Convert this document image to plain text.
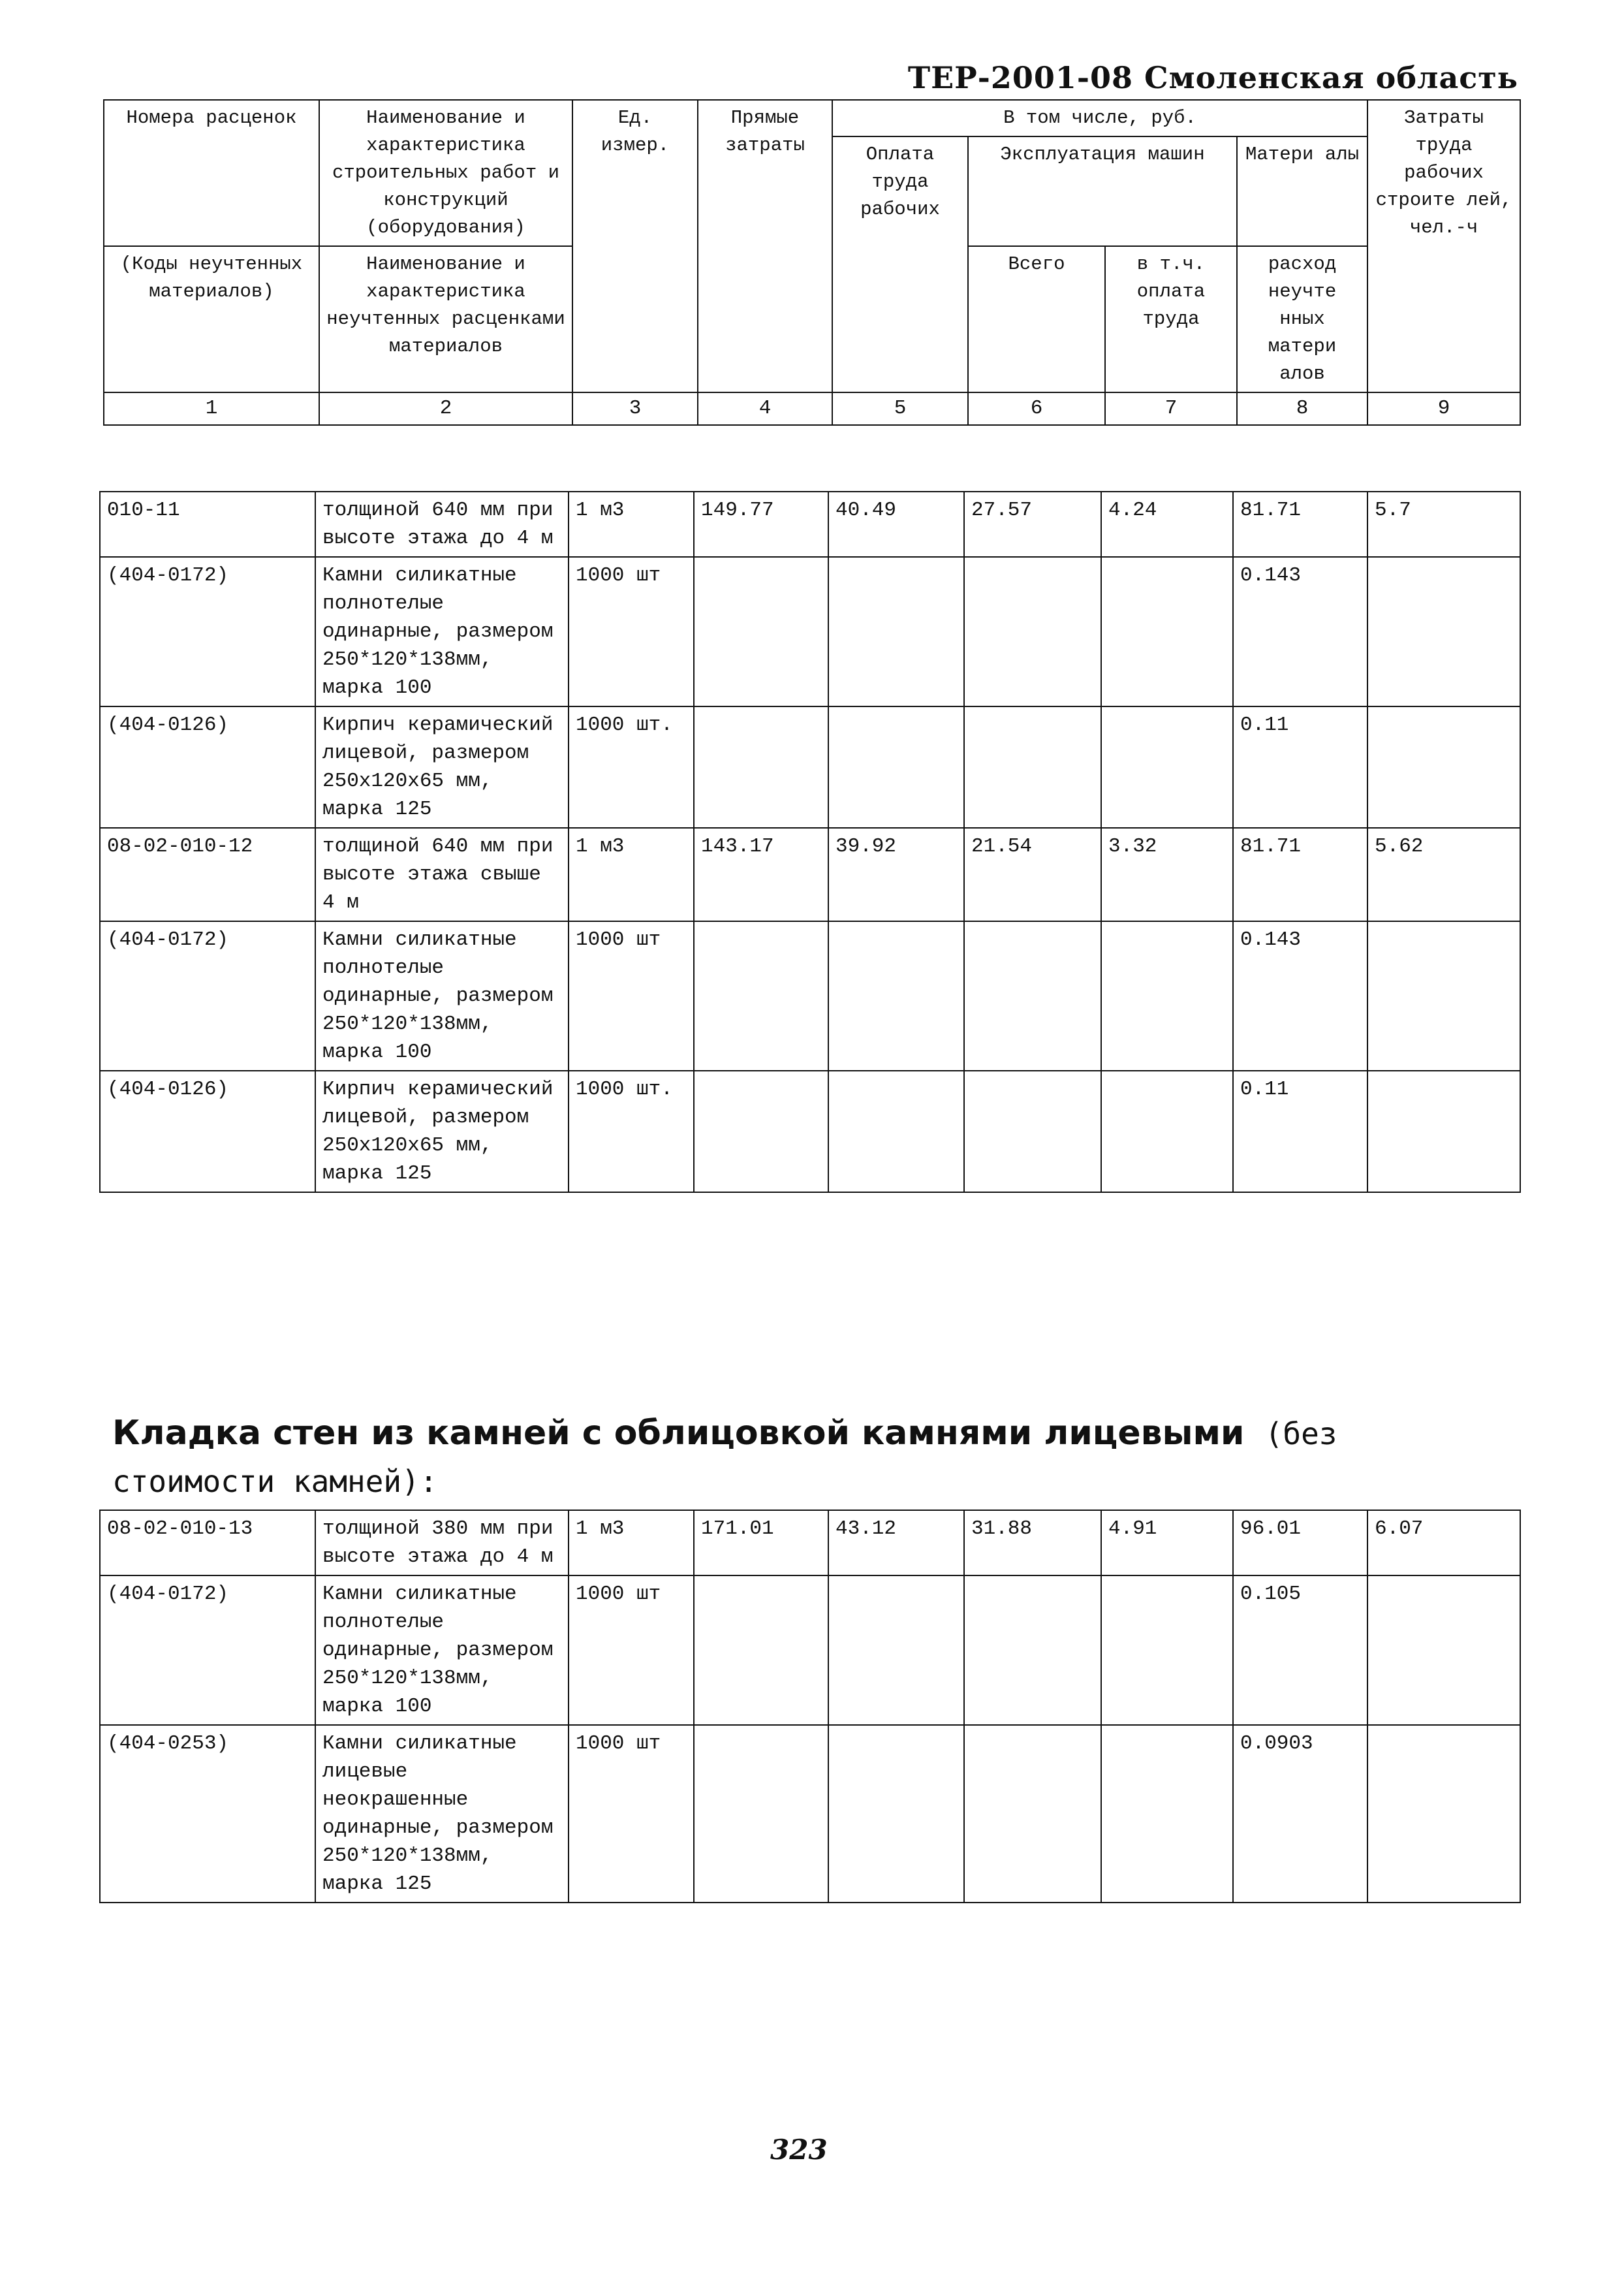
ТЕР-2001-08 Смоленская область
Номера расценок	Наименование и характеристика строительных работ и конструкций (оборудования)	Ед. измер.	Прямые затраты	В том числе, руб.				Затраты труда рабочих строите лей, чел.-ч
				Оплата труда рабочих	Эксплуатация машин		Матери алы	
(Коды неучтенных материалов)	Наименование и характеристика неучтенных расценками материалов				Всего	в т.ч. оплата труда	расход неучте нных матери алов	
1	2	3	4	5	6	7	8	9
010-11	толщиной 640 мм при высоте этажа до 4 м	1 м3	149.77	40.49	27.57	4.24	81.71	5.7
(404-0172)	Камни силикатные полнотелые одинарные, размером 250*120*138мм, марка 100	1000 шт					0.143	
(404-0126)	Кирпич керамический лицевой, размером 250x120x65 мм, марка 125	1000 шт.					0.11	
08-02-010-12	толщиной 640 мм при высоте этажа свыше 4 м	1 м3	143.17	39.92	21.54	3.32	81.71	5.62
(404-0172)	Камни силикатные полнотелые одинарные, размером 250*120*138мм, марка 100	1000 шт					0.143	
(404-0126)	Кирпич керамический лицевой, размером 250x120x65 мм, марка 125	1000 шт.					0.11	

Кладка стен из камней с облицовкой камнями лицевыми (без стоимости камней):

08-02-010-13	толщиной 380 мм при высоте этажа до 4 м	1 м3	171.01	43.12	31.88	4.91	96.01	6.07
(404-0172)	Камни силикатные полнотелые одинарные, размером 250*120*138мм, марка 100	1000 шт					0.105	
(404-0253)	Камни силикатные лицевые неокрашенные одинарные, размером 250*120*138мм, марка 125	1000 шт					0.0903	

323
